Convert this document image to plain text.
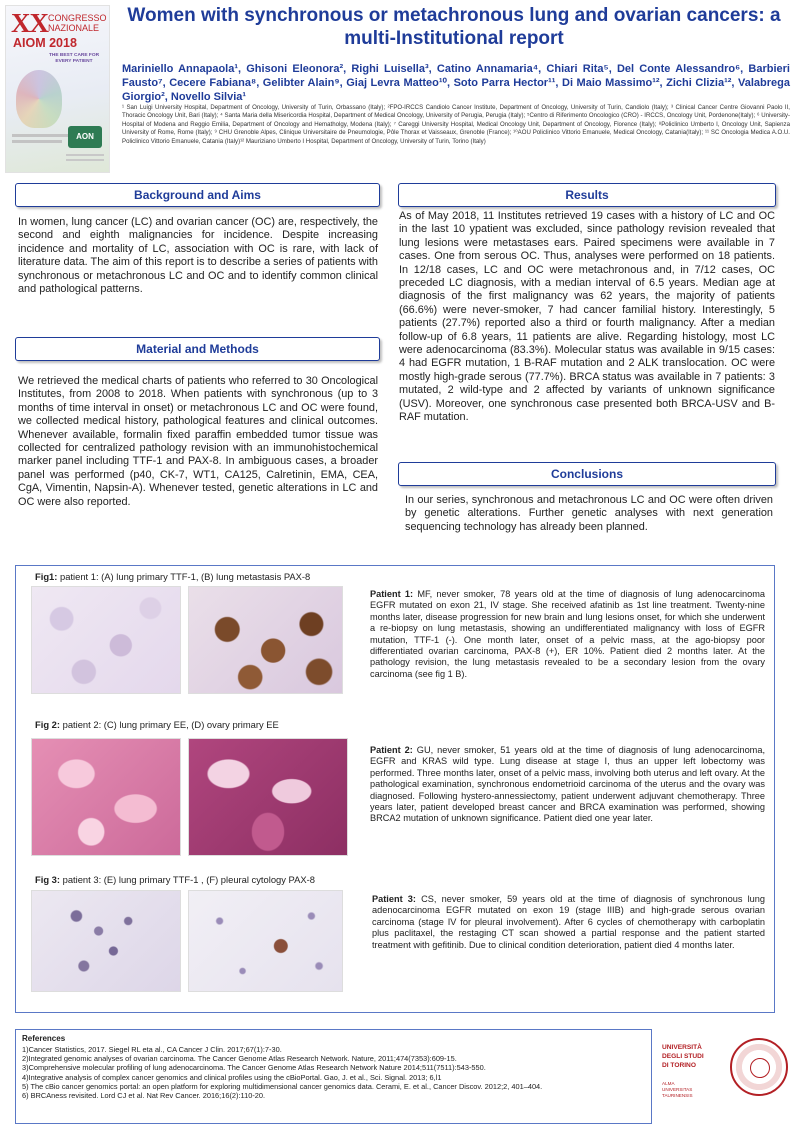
XX CONGRESSO
NAZIONALE
AIOM 2018
THE BEST CARE FOR EVERY PATIENT
AON
Women with synchronous or metachronous lung and ovarian cancers: a multi-Institutional report
Mariniello Annapaola¹, Ghisoni Eleonora², Righi Luisella³, Catino Annamaria⁴, Chiari Rita⁵, Del Conte Alessandro⁶, Barbieri Fausto⁷, Cecere Fabiana⁸, Gelibter Alain⁹, Giaj Levra Matteo¹⁰, Soto Parra Hector¹¹, Di Maio Massimo¹², Zichi Clizia¹², Valabrega Giorgio², Novello Silvia¹
¹ San Luigi University Hospital, Department of Oncology, University of Turin, Orbassano (Italy); ²FPO-IRCCS Candiolo Cancer Institute, Department of Oncology, University of Turin, Candiolo (Italy); ³ Clinical Cancer Centre Giovanni Paolo II, Thoracic Oncology Unit, Bari (Italy); ⁴ Santa Maria della Misericordia Hospital, Department of Medical Oncology, University of Perugia, Perugia (Italy); ⁵Centro di Riferimento Oncologico (CRO) - IRCCS, Oncology Unit, Pordenone(Italy); ⁶ University-Hospital of Modena and Reggio Emilia, Department of Oncology and Hematholgy, Modena (Italy); ⁷ Careggi University Hospital, Medical Oncology Unit, Department of Oncology, Florence (Italy); ⁸Policlinico Umberto I, Oncology Unit, Sapienza University of Rome, Rome (Italy); ⁹ CHU Grenoble Alpes, Clinique Universitaire de Pneumologie, Pôle Thorax et Vaisseaux, Grenoble (France); ¹⁰AOU Policlinico Vittorio Emanuele, Medical Oncology, Catania(Italy); ¹¹ SC Oncologia Medica A.O.U. Policlinico Vittorio Emanuele, Catania (Italy)¹² Mauriziano Umberto I Hospital, Department of Oncology, University of Turin, Torino (Italy)
Background and Aims
In women, lung cancer (LC) and ovarian cancer (OC) are, respectively, the second and eighth malignancies for incidence. Despite increasing incidence and mortality of LC, association with OC is rare, with lack of literature data. The aim of this report is to describe a series of patients with synchronous or metachronous LC and OC and to identify common clinical and pathological patterns.
Material and Methods
We retrieved the medical charts of patients who referred to 30 Oncological Institutes, from 2008 to 2018. When patients with synchronous (up to 3 months of time interval in onset) or metachronous LC and OC were found, we collected medical history, pathological features and clinical outcomes. Whenever available, formalin fixed paraffin embedded tumor tissue was collected for centralized pathology revision with an immunohistochemical marker panel including TTF-1 and PAX-8. In ambiguous cases, a broader panel was performed (p40, CK-7, WT1, CA125, Calretinin, EMA, CEA, CgA, Vimentin, Napsin-A). Whenever tested, genetic alterations in LC and OC were also reported.
Results
As of May 2018, 11 Institutes retrieved 19 cases with a history of LC and OC in the last 10 ypatient was excluded, since pathology revision revealed that lung lesions were metastases ears. Paired specimens were available in 7 cases. One from serous OC. Thus, analyses were performed on 18 patients. In 12/18 cases, LC and OC were metachronous and, in 7/12 cases, OC preceded LC diagnosis, with a median interval of 6.5 years. Median age at diagnosis of the first malignancy was 62 years, the majority of patients (66.6%) were never-smoker, 7 had cancer familial history. Interestingly, 5 patients (27.7%) reported also a third or fourth malignancy. After a median follow-up of 6.8 years, 11 patients are alive. Regarding histology, most LC were adenocarcinoma (83.3%). Molecular status was available in 9/15 cases: 4 had EGFR mutation, 1 B-RAF mutation and 2 ALK translocation. OC were mostly high-grade serous (77.7%). BRCA status was available in 7 patients: 3 mutated, 2 wild-type and 2 affected by variants of unknown significance (USV). Moreover, one synchronous case presented both BRCA-USV and B-RAF mutation.
Conclusions
In our series, synchronous and metachronous LC and OC were often driven by genetic alterations. Further genetic analyses with next generation sequencing technology has already been planned.
Fig1: patient 1: (A) lung primary TTF-1, (B) lung metastasis PAX-8
Patient 1: MF, never smoker, 78 years old at the time of diagnosis of lung adenocarcinoma EGFR mutated on exon 21, IV stage. She received afatinib as 1st line treatment. Twenty-nine months later, disease progression for new brain and lung lesions onset, for which she underwent a re-biopsy on lung metastasis, showing an undifferentiated malignancy with loss of EGFR mutation, TTF-1 (-). One month later, onset of a pelvic mass, at the ago-biopsy poor differentiated ovarian carcinoma, PAX-8 (+), ER 10%. Patient died 2 months later. At the pathology revision, the lung metastasis revealed to be a secondary lesion from the ovary carcinoma (see fig 1 B).
Fig 2: patient 2: (C) lung primary EE, (D) ovary primary EE
Patient 2: GU, never smoker, 51 years old at the time of diagnosis of lung adenocarcinoma, EGFR and KRAS wild type. Lung disease at stage I, thus an upper left lobectomy was performed. Three months later, onset of a pelvic mass, involving both uterus and left ovary. At the pathological examination, synchronous endometrioid carcinoma of the uterus and the ovary was diagnosed. Following hystero-annessiectomy, patient underwent adjuvant chemotherapy. Three years later, patient developed breast cancer and BRCA examination was performed, showing BRCA2 mutation of unknown significance. Patient died one year later.
Fig 3: patient 3: (E) lung primary TTF-1 , (F) pleural cytology PAX-8
Patient 3: CS, never smoker, 59 years old at the time of diagnosis of synchronous lung adenocarcinoma EGFR mutated on exon 19 (stage IIIB) and high-grade serous ovarian carcinoma (stage IV for pleural involvement). After 6 cycles of chemotherapy with carboplatin plus paclitaxel, the restaging CT scan showed a partial response and the patient started treatment with gefitinib. Due to clinical condition deterioration, patient died 4 months later.
References
1)Cancer Statistics, 2017. Siegel RL eta al., CA Cancer J Clin. 2017;67(1):7-30.
2)Integrated genomic analyses of ovarian carcinoma. The Cancer Genome Atlas Research Network. Nature, 2011;474(7353):609-15.
3)Comprehensive molecular profiling of lung adenocarcinoma. The Cancer Genome Atlas Research Network Nature 2014;511(7511):543-550.
4)Integrative analysis of complex cancer genomics and clinical profiles using the cBioPortal. Gao, J. et al., Sci. Signal. 2013; 6,l1
5) The cBio cancer genomics portal: an open platform for exploring multidimensional cancer genomics data. Cerami, E. et al., Cancer Discov. 2012;2, 401–404.
6) BRCAness revisited. Lord CJ et al. Nat Rev Cancer. 2016;16(2):110-20.
UNIVERSITÀ
DEGLI STUDI
DI TORINO
ALMA
UNIVERSITAS
TAURINENSIS
